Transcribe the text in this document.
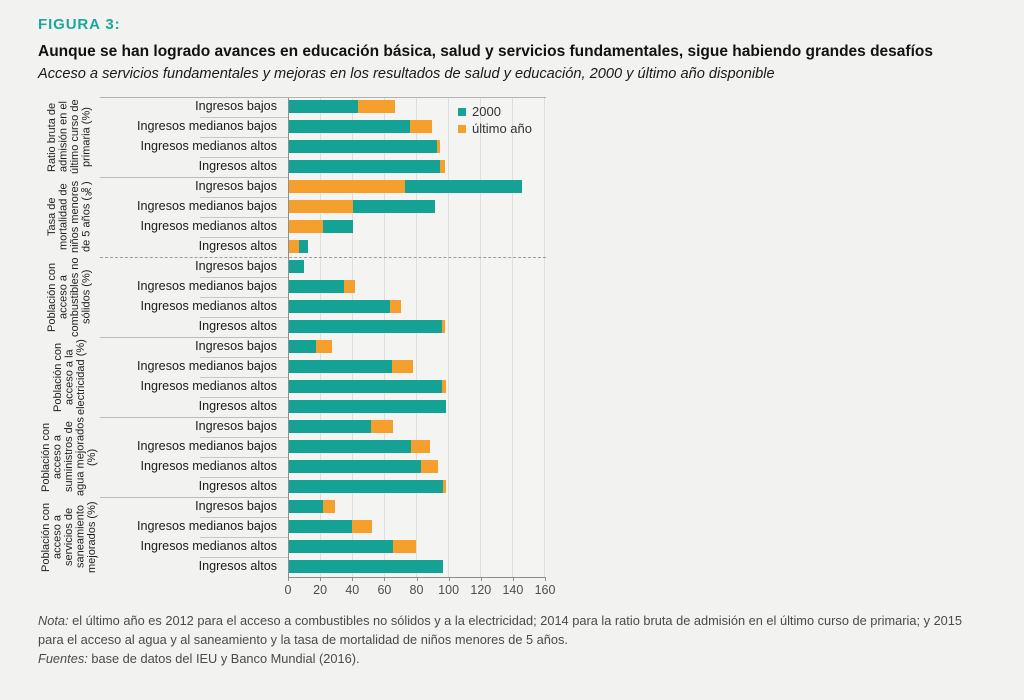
FIGURA 3:

Aunque se han logrado avances en educación básica, salud y servicios fundamentales, sigue habiendo grandes desafíos

Acceso a servicios fundamentales y mejoras en los resultados de salud y educación, 2000 y último año disponible

2000
último año
Ratio bruta de admisión en el último curso de primaria (%)
Ingresos bajos
Ingresos medianos bajos
Ingresos medianos altos
Ingresos altos
Tasa de mortalidad de niños menores de 5 años (‰)	Ingresos bajos
Ingresos medianos bajos
Ingresos medianos altos
Ingresos altos
Población con acceso a combustibles no sólidos (%)
Ingresos bajos
Ingresos medianos bajos
Ingresos medianos altos
Ingresos altos
Población con acceso a la electricidad (%)	Ingresos bajos
Ingresos medianos bajos
Ingresos medianos altos
Ingresos altos
Población con acceso a suministros de agua mejorados (%)
Ingresos bajos
Ingresos medianos bajos
Ingresos medianos altos
Ingresos altos
Población con acceso a servicios de saneamiento mejorados (%)	Ingresos bajos
Ingresos medianos bajos
Ingresos medianos altos
Ingresos altos
0 20 40 60 80 100 120 140 160

Nota: el último año es 2012 para el acceso a combustibles no sólidos y a la electricidad; 2014 para la ratio bruta de admisión en el último curso de primaria; y 2015 para el acceso al agua y al saneamiento y la tasa de mortalidad de niños menores de 5 años.
Fuentes: base de datos del IEU y Banco Mundial (2016).
